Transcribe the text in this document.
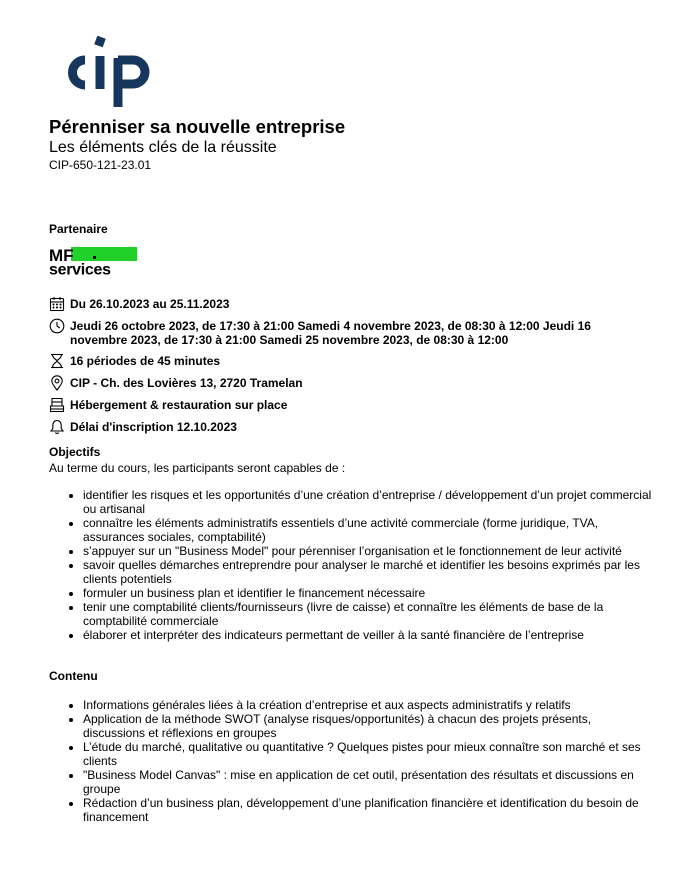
Pérenniser sa nouvelle entreprise
Les éléments clés de la réussite
CIP-650-121-23.01
Partenaire
MF
services
Du 26.10.2023 au 25.11.2023
Jeudi 26 octobre 2023, de 17:30 à 21:00 Samedi 4 novembre 2023, de 08:30 à 12:00 Jeudi 16 novembre 2023, de 17:30 à 21:00 Samedi 25 novembre 2023, de 08:30 à 12:00
16 périodes de 45 minutes
CIP - Ch. des Lovières 13, 2720 Tramelan
Hébergement & restauration sur place
Délai d'inscription 12.10.2023
Objectifs
Au terme du cours, les participants seront capables de :
• identifier les risques et les opportunités d’une création d’entreprise / développement d’un projet commercial ou artisanal
• connaître les éléments administratifs essentiels d’une activité commerciale (forme juridique, TVA, assurances sociales, comptabilité)
• s’appuyer sur un "Business Model" pour pérenniser l’organisation et le fonctionnement de leur activité
• savoir quelles démarches entreprendre pour analyser le marché et identifier les besoins exprimés par les clients potentiels
• formuler un business plan et identifier le financement nécessaire
• tenir une comptabilité clients/fournisseurs (livre de caisse) et connaître les éléments de base de la comptabilité commerciale
• élaborer et interpréter des indicateurs permettant de veiller à la santé financière de l’entreprise
Contenu
• Informations générales liées à la création d’entreprise et aux aspects administratifs y relatifs
• Application de la méthode SWOT (analyse risques/opportunités) à chacun des projets présents, discussions et réflexions en groupes
• L’étude du marché, qualitative ou quantitative ? Quelques pistes pour mieux connaître son marché et ses clients
• "Business Model Canvas" : mise en application de cet outil, présentation des résultats et discussions en groupe
• Rédaction d’un business plan, développement d’une planification financière et identification du besoin de financement
